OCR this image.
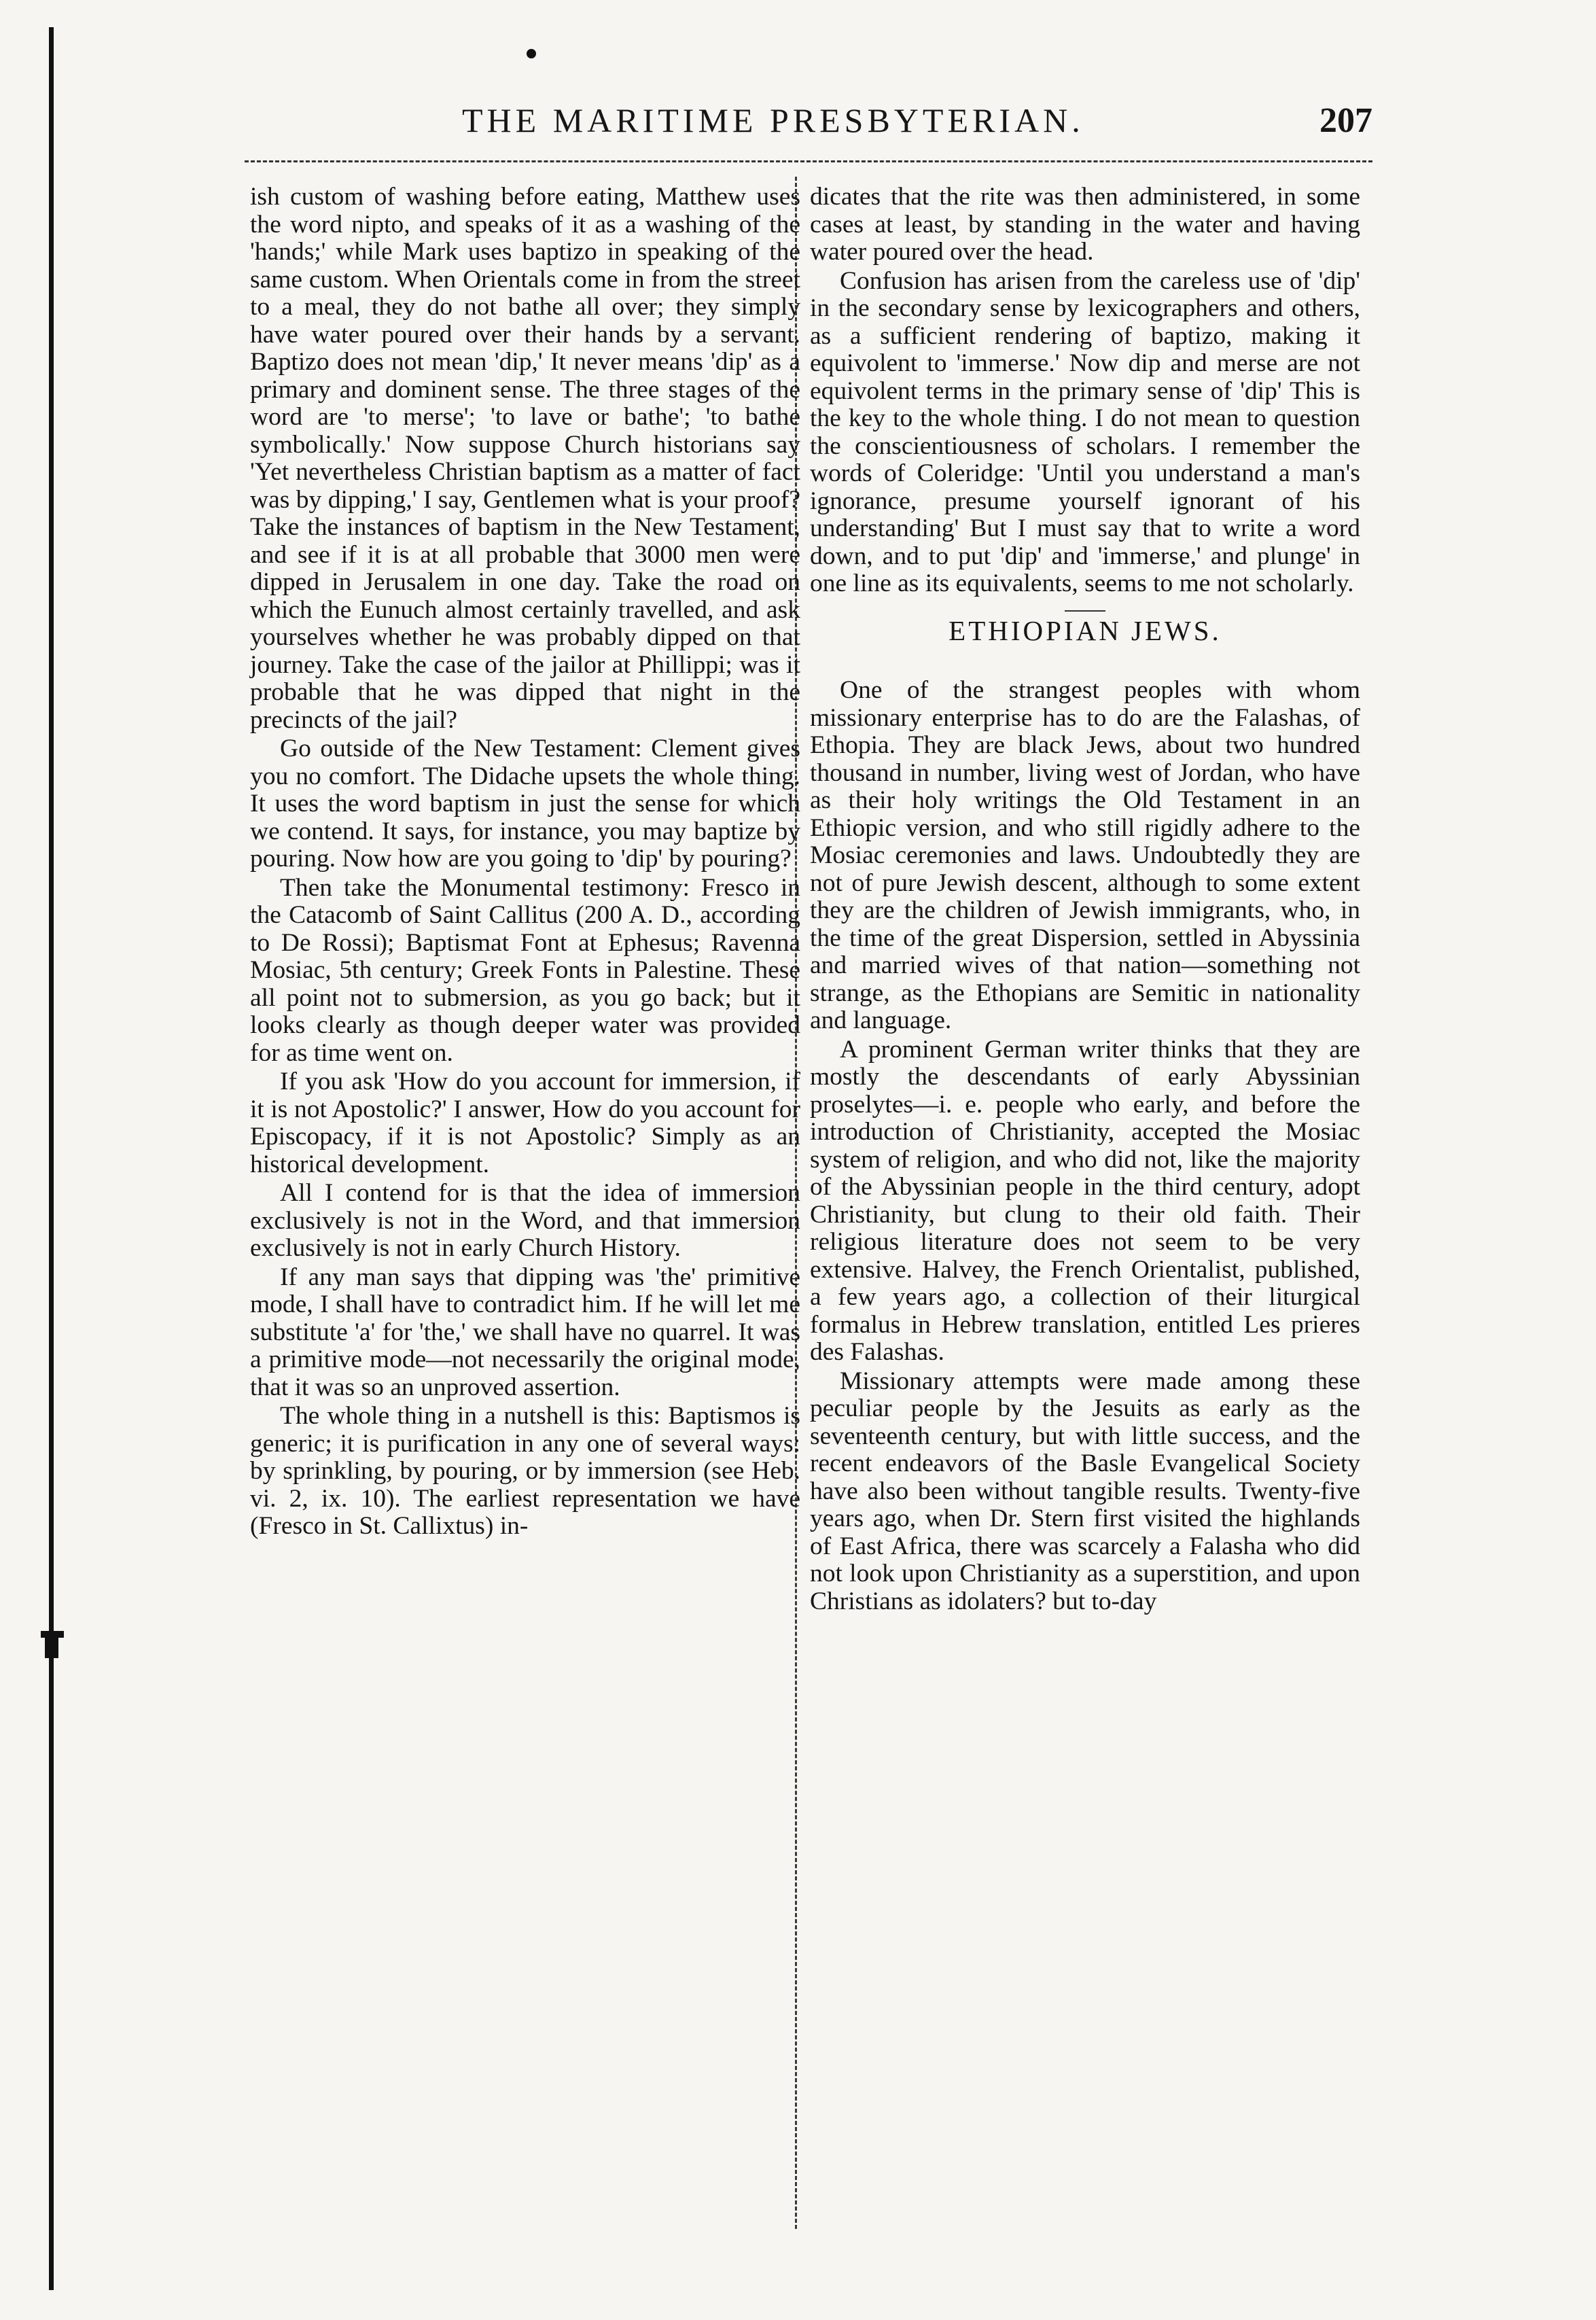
THE MARITIME PRESBYTERIAN.	207

ish custom of washing before eating, Matthew uses the word nipto, and speaks of it as a washing of the 'hands;' while Mark uses baptizo in speaking of the same custom. When Orientals come in from the street to a meal, they do not bathe all over; they simply have water poured over their hands by a servant. Baptizo does not mean 'dip,' It never means 'dip' as a primary and dominent sense. The three stages of the word are 'to merse'; 'to lave or bathe'; 'to bathe symbolically.' Now suppose Church historians say 'Yet nevertheless Christian baptism as a matter of fact was by dipping,' I say, Gentlemen what is your proof? Take the instances of baptism in the New Testament, and see if it is at all probable that 3000 men were dipped in Jerusalem in one day. Take the road on which the Eunuch almost certainly travelled, and ask yourselves whether he was probably dipped on that journey. Take the case of the jailor at Phillippi; was it probable that he was dipped that night in the precincts of the jail?

Go outside of the New Testament: Clement gives you no comfort. The Didache upsets the whole thing. It uses the word baptism in just the sense for which we contend. It says, for instance, you may baptize by pouring. Now how are you going to 'dip' by pouring?

Then take the Monumental testimony: Fresco in the Catacomb of Saint Callitus (200 A. D., according to De Rossi); Baptismat Font at Ephesus; Ravenna Mosiac, 5th century; Greek Fonts in Palestine. These all point not to submersion, as you go back; but it looks clearly as though deeper water was provided for as time went on.

If you ask 'How do you account for immersion, if it is not Apostolic?' I answer, How do you account for Episcopacy, if it is not Apostolic? Simply as an historical development.

All I contend for is that the idea of immersion exclusively is not in the Word, and that immersion exclusively is not in early Church History.

If any man says that dipping was 'the' primitive mode, I shall have to contradict him. If he will let me substitute 'a' for 'the,' we shall have no quarrel. It was a primitive mode—not necessarily the original mode, that it was so an unproved assertion.

The whole thing in a nutshell is this: Baptismos is generic; it is purification in any one of several ways: by sprinkling, by pouring, or by immersion (see Heb. vi. 2, ix. 10). The earliest representation we have (Fresco in St. Callixtus) in-

dicates that the rite was then administered, in some cases at least, by standing in the water and having water poured over the head.

Confusion has arisen from the careless use of 'dip' in the secondary sense by lexicographers and others, as a sufficient rendering of baptizo, making it equivolent to 'immerse.' Now dip and merse are not equivolent terms in the primary sense of 'dip' This is the key to the whole thing. I do not mean to question the conscientiousness of scholars. I remember the words of Coleridge: 'Until you understand a man's ignorance, presume yourself ignorant of his understanding' But I must say that to write a word down, and to put 'dip' and 'immerse,' and plunge' in one line as its equivalents, seems to me not scholarly.

ETHIOPIAN JEWS.

One of the strangest peoples with whom missionary enterprise has to do are the Falashas, of Ethopia. They are black Jews, about two hundred thousand in number, living west of Jordan, who have as their holy writings the Old Testament in an Ethiopic version, and who still rigidly adhere to the Mosiac ceremonies and laws. Undoubtedly they are not of pure Jewish descent, although to some extent they are the children of Jewish immigrants, who, in the time of the great Dispersion, settled in Abyssinia and married wives of that nation—something not strange, as the Ethopians are Semitic in nationality and language.

A prominent German writer thinks that they are mostly the descendants of early Abyssinian proselytes—i. e. people who early, and before the introduction of Christianity, accepted the Mosiac system of religion, and who did not, like the majority of the Abyssinian people in the third century, adopt Christianity, but clung to their old faith. Their religious literature does not seem to be very extensive. Halvey, the French Orientalist, published, a few years ago, a collection of their liturgical formalus in Hebrew translation, entitled Les prieres des Falashas.

Missionary attempts were made among these peculiar people by the Jesuits as early as the seventeenth century, but with little success, and the recent endeavors of the Basle Evangelical Society have also been without tangible results. Twenty-five years ago, when Dr. Stern first visited the highlands of East Africa, there was scarcely a Falasha who did not look upon Christianity as a superstition, and upon Christians as idolaters? but to-day
